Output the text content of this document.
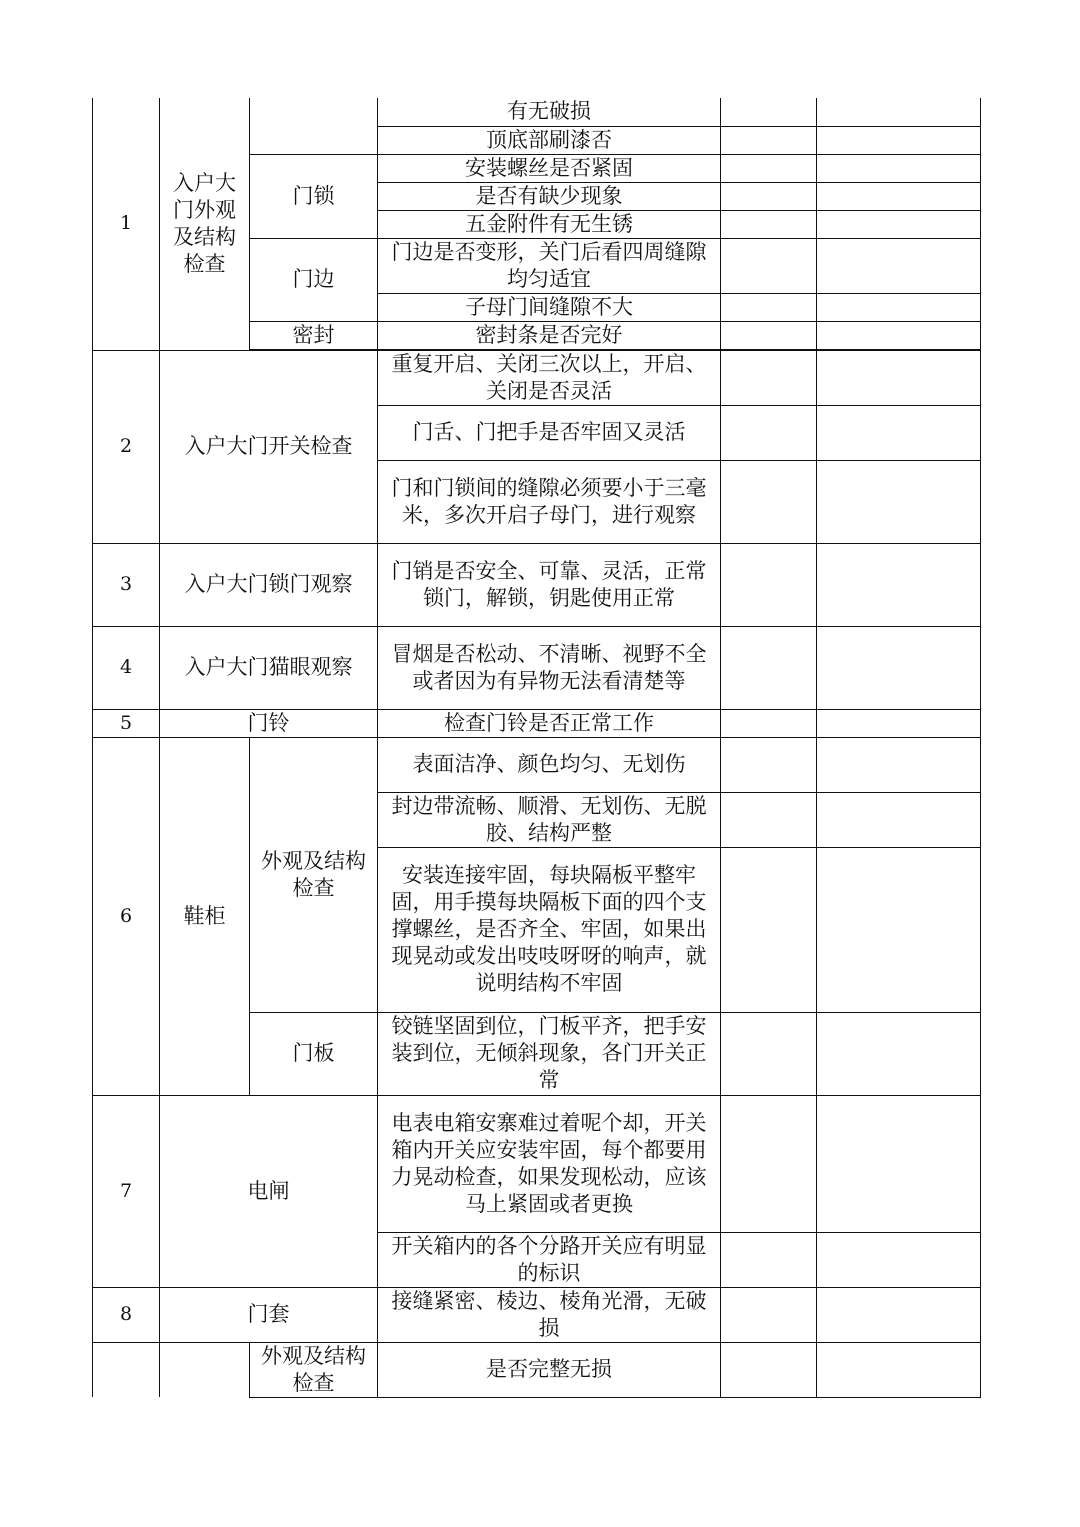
1	入户大门外观及结构检查		有无破损		
			顶底部刷漆否		
		门锁	安装螺丝是否紧固		
			是否有缺少现象		
			五金附件有无生锈		
		门边	门边是否变形，关门后看四周缝隙均匀适宜		
			子母门间缝隙不大		
		密封	密封条是否完好		

2	入户大门开关检查		重复开启、关闭三次以上，开启、关闭是否灵活		
			门舌、门把手是否牢固又灵活		
			门和门锁间的缝隙必须要小于三毫米，多次开启子母门，进行观察		
3	入户大门锁门观察		门销是否安全、可靠、灵活，正常锁门，解锁，钥匙使用正常		
4	入户大门猫眼观察		冒烟是否松动、不清晰、视野不全或者因为有异物无法看清楚等		
5	门铃		检查门铃是否正常工作		
6	鞋柜	外观及结构检查	表面洁净、颜色均匀、无划伤		
			封边带流畅、顺滑、无划伤、无脱胶、结构严整		
			安装连接牢固，每块隔板平整牢固，用手摸每块隔板下面的四个支撑螺丝，是否齐全、牢固，如果出现晃动或发出吱吱呀呀的响声，就说明结构不牢固		
		门板	铰链坚固到位，门板平齐，把手安装到位，无倾斜现象，各门开关正常		
7	电闸		电表电箱安寨难过着呢个却，开关箱内开关应安装牢固，每个都要用力晃动检查，如果发现松动，应该马上紧固或者更换		
			开关箱内的各个分路开关应有明显的标识		
8	门套		接缝紧密、棱边、棱角光滑，无破损		
		外观及结构检查	是否完整无损		
